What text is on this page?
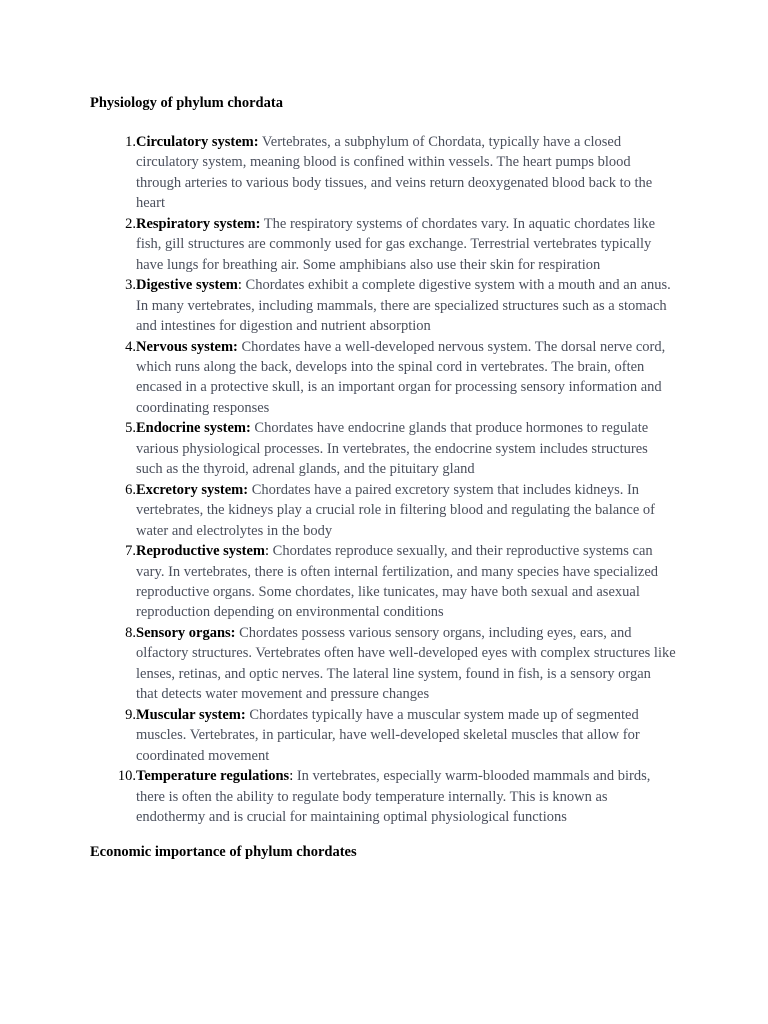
Physiology of phylum chordata

1. Circulatory system: Vertebrates, a subphylum of Chordata, typically have a closed circulatory system, meaning blood is confined within vessels. The heart pumps blood through arteries to various body tissues, and veins return deoxygenated blood back to the heart
2. Respiratory system: The respiratory systems of chordates vary. In aquatic chordates like fish, gill structures are commonly used for gas exchange. Terrestrial vertebrates typically have lungs for breathing air. Some amphibians also use their skin for respiration
3. Digestive system: Chordates exhibit a complete digestive system with a mouth and an anus. In many vertebrates, including mammals, there are specialized structures such as a stomach and intestines for digestion and nutrient absorption
4. Nervous system: Chordates have a well-developed nervous system. The dorsal nerve cord, which runs along the back, develops into the spinal cord in vertebrates. The brain, often encased in a protective skull, is an important organ for processing sensory information and coordinating responses
5. Endocrine system: Chordates have endocrine glands that produce hormones to regulate various physiological processes. In vertebrates, the endocrine system includes structures such as the thyroid, adrenal glands, and the pituitary gland
6. Excretory system: Chordates have a paired excretory system that includes kidneys. In vertebrates, the kidneys play a crucial role in filtering blood and regulating the balance of water and electrolytes in the body
7. Reproductive system: Chordates reproduce sexually, and their reproductive systems can vary. In vertebrates, there is often internal fertilization, and many species have specialized reproductive organs. Some chordates, like tunicates, may have both sexual and asexual reproduction depending on environmental conditions
8. Sensory organs: Chordates possess various sensory organs, including eyes, ears, and olfactory structures. Vertebrates often have well-developed eyes with complex structures like lenses, retinas, and optic nerves. The lateral line system, found in fish, is a sensory organ that detects water movement and pressure changes
9. Muscular system: Chordates typically have a muscular system made up of segmented muscles. Vertebrates, in particular, have well-developed skeletal muscles that allow for coordinated movement
10. Temperature regulations: In vertebrates, especially warm-blooded mammals and birds, there is often the ability to regulate body temperature internally. This is known as endothermy and is crucial for maintaining optimal physiological functions

Economic importance of phylum chordates
